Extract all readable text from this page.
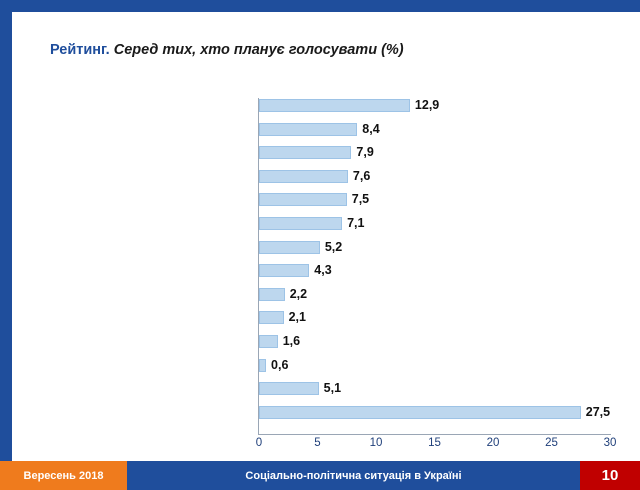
Рейтинг. Серед тих, хто планує голосувати (%)
12,9
8,4
7,9
7,6
7,5
7,1
5,2
4,3
2,2
2,1
1,6
0,6
5,1
27,5
0	5	10	15	20	25	30
Вересень 2018	Соціально-політична ситуація в Україні	10
